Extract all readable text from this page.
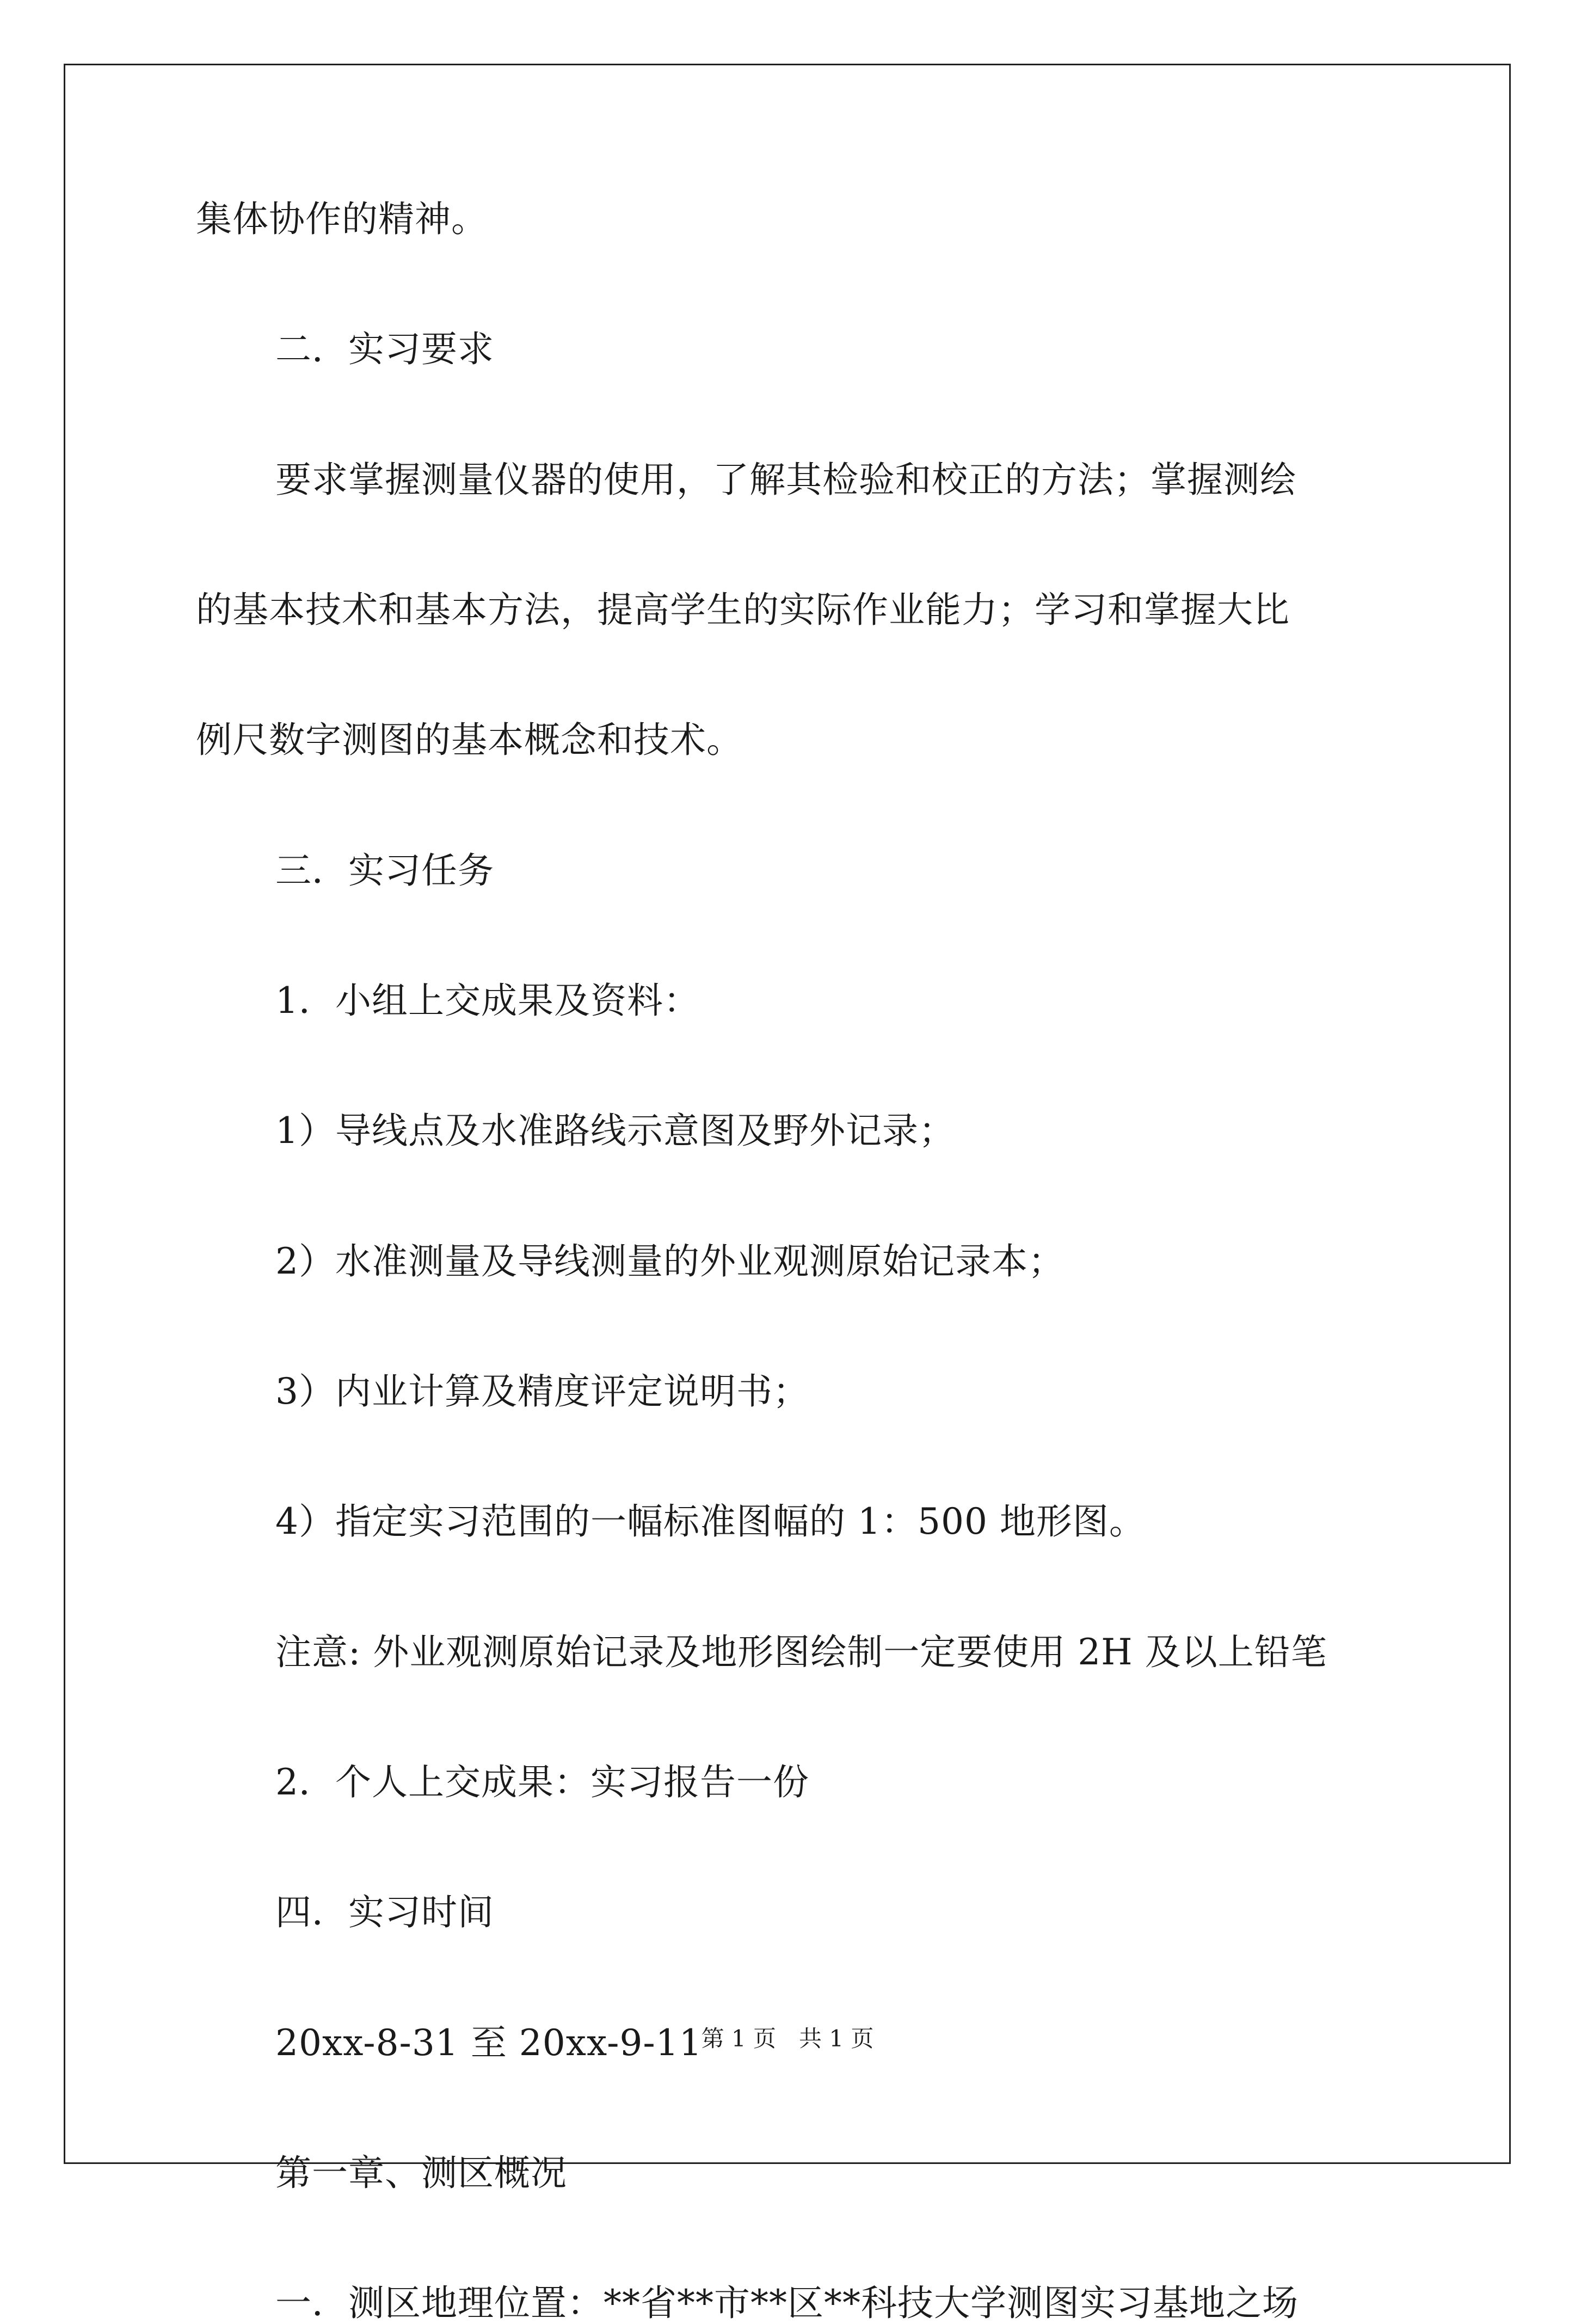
集体协作的精神。

二．实习要求

要求掌握测量仪器的使用，了解其检验和校正的方法；掌握测绘

的基本技术和基本方法，提高学生的实际作业能力；学习和掌握大比

例尺数字测图的基本概念和技术。

三．实习任务

1．小组上交成果及资料：

1）导线点及水准路线示意图及野外记录；

2）水准测量及导线测量的外业观测原始记录本；

3）内业计算及精度评定说明书；

4）指定实习范围的一幅标准图幅的 1：500 地形图。

注意: 外业观测原始记录及地形图绘制一定要使用 2H 及以上铅笔

2．个人上交成果：实习报告一份

四．实习时间

20xx-8-31 至 20xx-9-11

第一章、测区概况

一．测区地理位置：**省**市**区**科技大学测图实习基地之场

第 1 页　共 1 页
